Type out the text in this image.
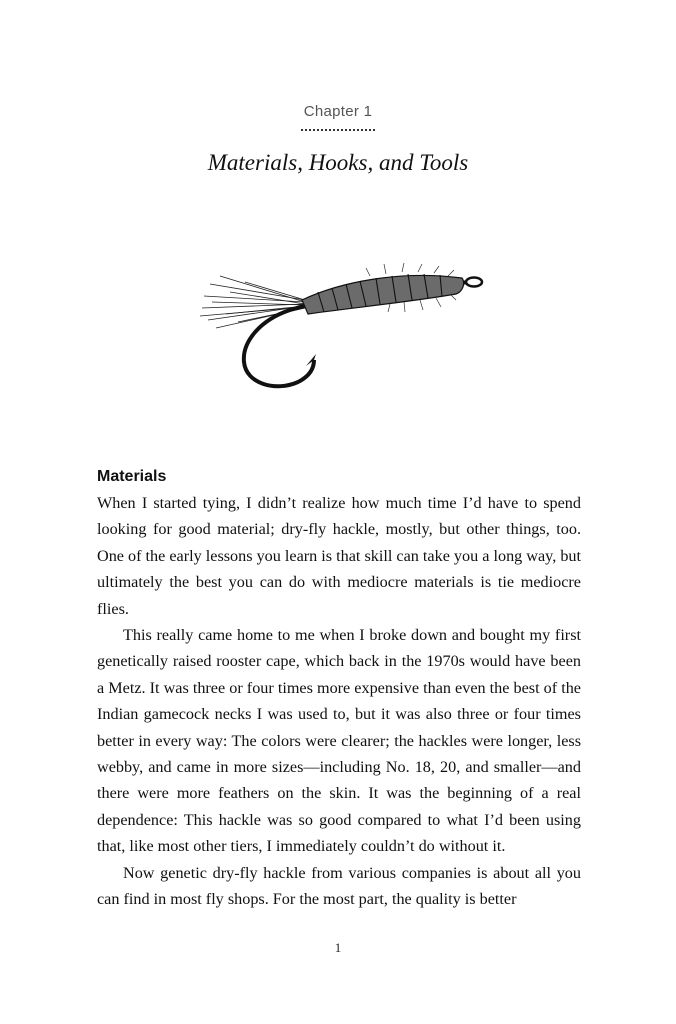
Chapter 1
Materials, Hooks, and Tools
Materials

When I started tying, I didn’t realize how much time I’d have to spend looking for good material; dry-fly hackle, mostly, but other things, too. One of the early lessons you learn is that skill can take you a long way, but ultimately the best you can do with mediocre materials is tie mediocre flies.

This really came home to me when I broke down and bought my first genetically raised rooster cape, which back in the 1970s would have been a Metz. It was three or four times more expensive than even the best of the Indian gamecock necks I was used to, but it was also three or four times better in every way: The colors were clearer; the hackles were longer, less webby, and came in more sizes—including No. 18, 20, and smaller—and there were more feathers on the skin. It was the beginning of a real dependence: This hackle was so good compared to what I’d been using that, like most other tiers, I immediately couldn’t do without it.

Now genetic dry-fly hackle from various companies is about all you can find in most fly shops. For the most part, the quality is better

1
